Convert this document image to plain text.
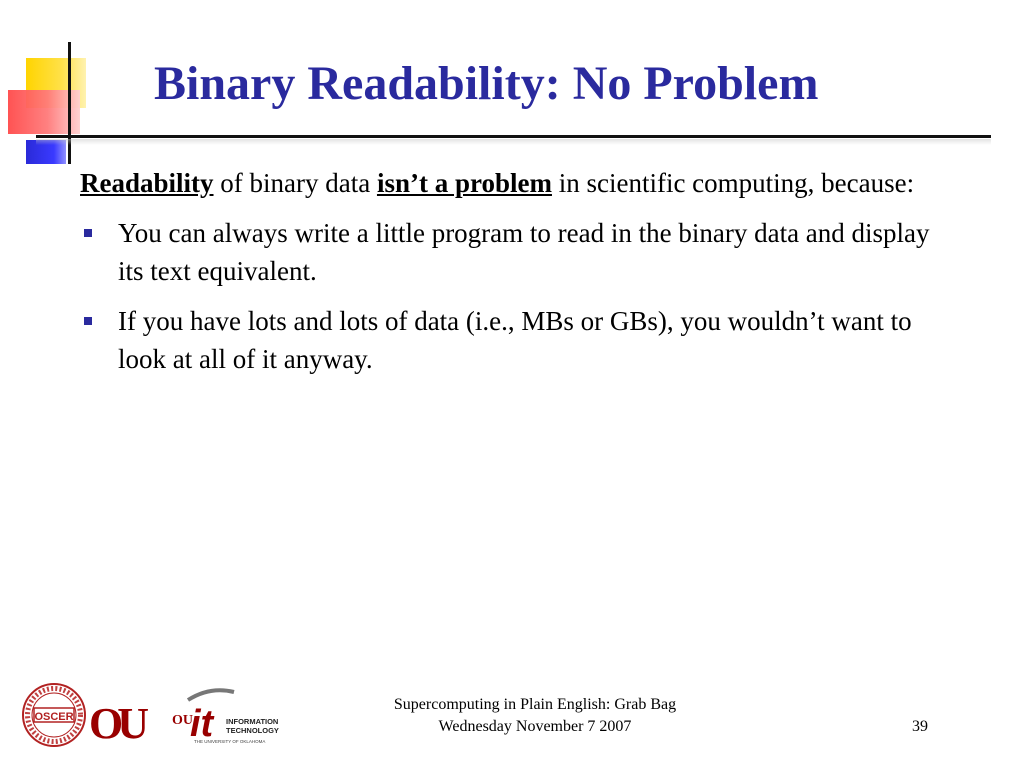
Binary Readability: No Problem

Readability of binary data isn’t a problem in scientific computing, because:

You can always write a little program to read in the binary data and display its text equivalent.
If you have lots and lots of data (i.e., MBs or GBs), you wouldn’t want to look at all of it anyway.
OSCER OU	OU
it INFORMATION
TECHNOLOGY
THE UNIVERSITY OF OKLAHOMA
Supercomputing in Plain English: Grab Bag
Wednesday November 7 2007	39
